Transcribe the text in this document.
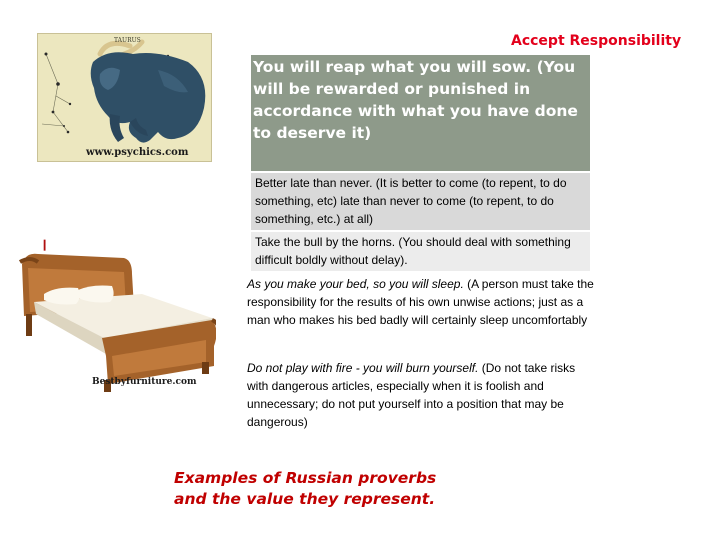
Accept Responsibility
TAURUS
www.psychics.com
❙
Bestbyfurniture.com
You will reap what you will sow. (You will be rewarded or punished in accordance with what you have done to deserve it)
Better late than never. (It is better to come (to repent, to do something, etc) late than never to come (to repent, to do something, etc.) at all)
Take the bull by the horns. (You should deal with something difficult boldly without delay).
As you make your bed, so you will sleep. (A person must take the responsibility for the results of his own unwise actions; just as a man who makes his bed badly will certainly sleep uncomfortably
Do not play with fire - you will burn yourself. (Do not take risks with dangerous articles, especially when it is foolish and unnecessary; do not put yourself into a position that may be dangerous)
Examples of Russian proverbs
and the value they represent.
